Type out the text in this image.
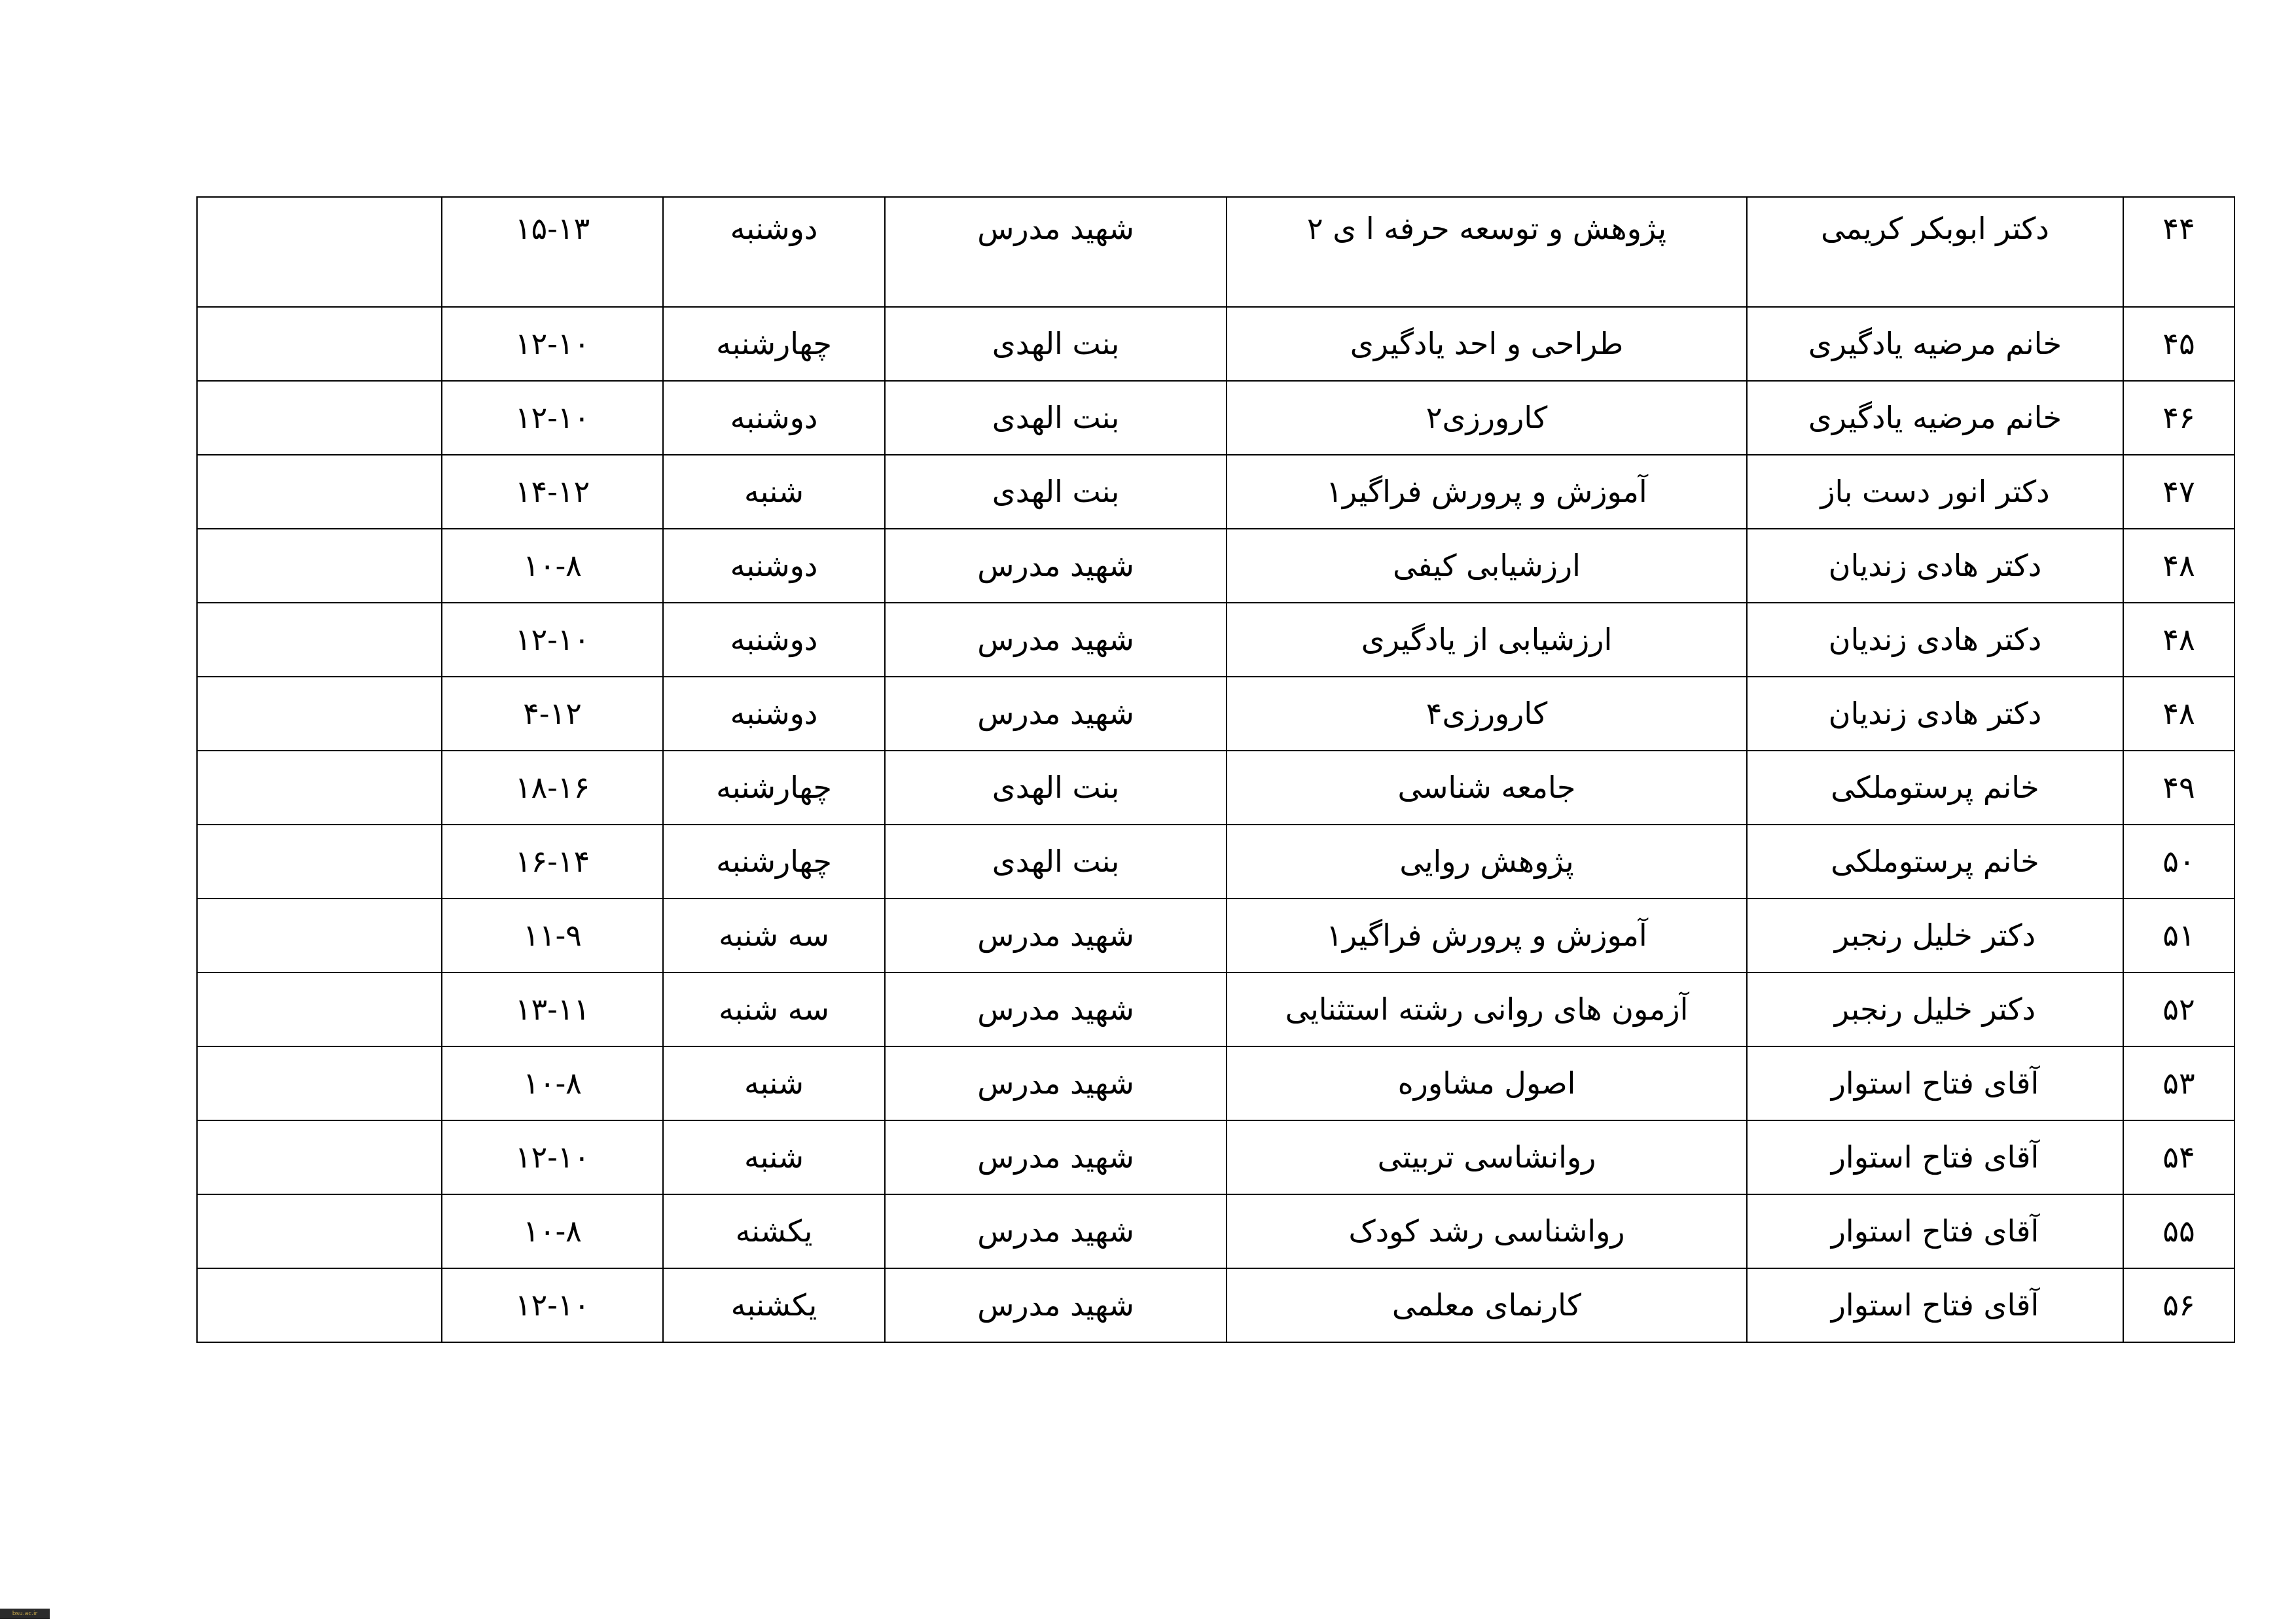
۴۴	دکتر ابوبکر کریمی	پژوهش و توسعه حرفه ا ی ۲	شهید مدرس	دوشنبه	۱۵-۱۳	
۴۵	خانم مرضیه یادگیری	طراحی و احد یادگیری	بنت الهدی	چهارشنبه	۱۲-۱۰	
۴۶	خانم مرضیه یادگیری	کارورزی۲	بنت الهدی	دوشنبه	۱۲-۱۰	
۴۷	دکتر انور دست باز	آموزش و پرورش فراگیر۱	بنت الهدی	شنبه	۱۴-۱۲	
۴۸	دکتر هادی زندیان	ارزشیابی کیفی	شهید مدرس	دوشنبه	۱۰-۸	
۴۸	دکتر هادی زندیان	ارزشیابی از یادگیری	شهید مدرس	دوشنبه	۱۲-۱۰	
۴۸	دکتر هادی زندیان	کارورزی۴	شهید مدرس	دوشنبه	۴-۱۲	
۴۹	خانم پرستوملکی	جامعه شناسی	بنت الهدی	چهارشنبه	۱۸-۱۶	
۵۰	خانم پرستوملکی	پژوهش روایی	بنت الهدی	چهارشنبه	۱۶-۱۴	
۵۱	دکتر خلیل رنجبر	آموزش و پرورش فراگیر۱	شهید مدرس	سه شنبه	۱۱-۹	
۵۲	دکتر خلیل رنجبر	آزمون های روانی رشته استثنایی	شهید مدرس	سه شنبه	۱۳-۱۱	
۵۳	آقای فتاح استوار	اصول مشاوره	شهید مدرس	شنبه	۱۰-۸	
۵۴	آقای فتاح استوار	روانشاسی تربیتی	شهید مدرس	شنبه	۱۲-۱۰	
۵۵	آقای فتاح استوار	رواشناسی رشد کودک	شهید مدرس	یکشنه	۱۰-۸	
۵۶	آقای فتاح استوار	کارنمای معلمی	شهید مدرس	یکشنبه	۱۲-۱۰	
bsu.ac.ir
